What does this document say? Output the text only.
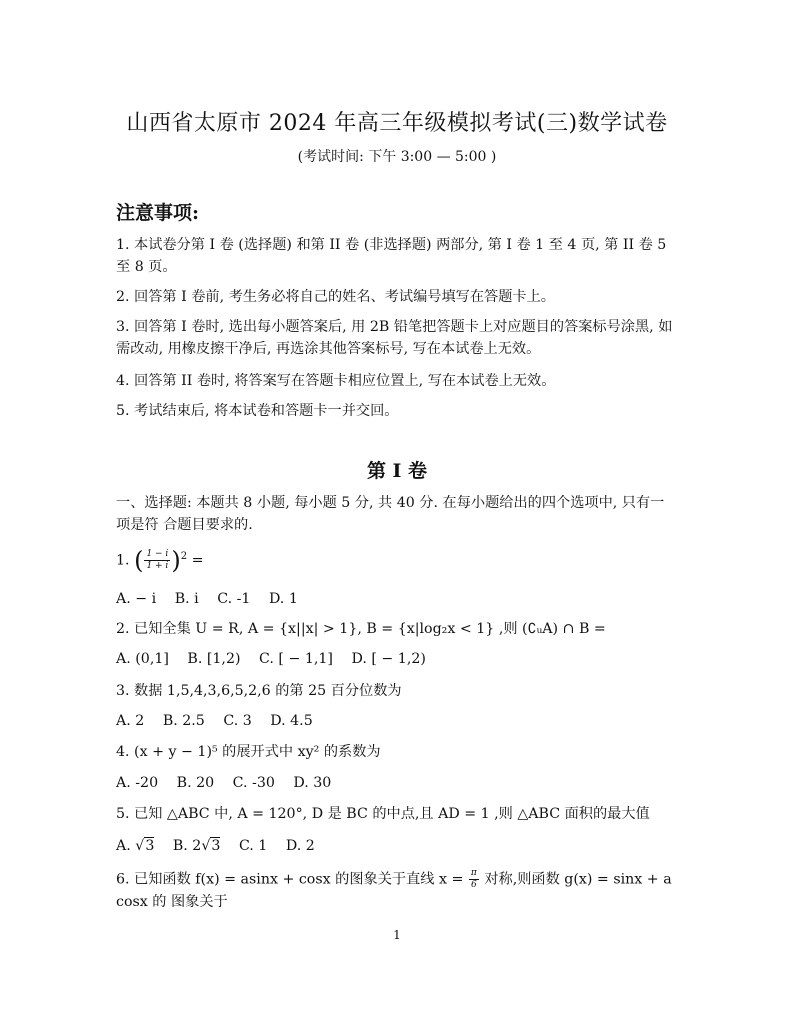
山西省太原市 2024 年高三年级模拟考试(三)数学试卷
(考试时间: 下午 3:00 — 5:00 )
注意事项:
1. 本试卷分第 I 卷 (选择题) 和第 II 卷 (非选择题) 两部分, 第 I 卷 1 至 4 页, 第 II 卷 5 至 8 页。
2. 回答第 I 卷前, 考生务必将自己的姓名、考试编号填写在答题卡上。
3. 回答第 I 卷时, 选出每小题答案后, 用 2B 铅笔把答题卡上对应题目的答案标号涂黑, 如需改动, 用橡皮擦干净后, 再选涂其他答案标号, 写在本试卷上无效。
4. 回答第 II 卷时, 将答案写在答题卡相应位置上, 写在本试卷上无效。
5. 考试结束后, 将本试卷和答题卡一并交回。
第 I 卷
一、选择题: 本题共 8 小题, 每小题 5 分, 共 40 分. 在每小题给出的四个选项中, 只有一项是符 合题目要求的.
1. ( $\frac{1 - i}{1 + i} )^2$ =
A. − i B. i C. -1 D. 1
2. 已知全集 U = R, A = {x||x| > 1}, B = {x|log₂x < 1} ,则 (∁ᵤA) ∩ B =
A. (0,1] B. [1,2) C. [ − 1,1] D. [ − 1,2)
3. 数据 1,5,4,3,6,5,2,6 的第 25 百分位数为
A. 2 B. 2.5 C. 3 D. 4.5
4. (x + y − 1)⁵ 的展开式中 xy² 的系数为
A. -20 B. 20 C. -30 D. 30
5. 已知 △ABC 中, A = 120°, D 是 BC 的中点,且 AD = 1 ,则 △ABC 面积的最大值
A. √3 B. 2√3 C. 1 D. 2
6. 已知函数 f(x) = asinx + cosx 的图象关于直线 $x = \frac{\pi}{6}$ 对称,则函数 g(x) = sinx + a
cosx 的 图象关于
1
